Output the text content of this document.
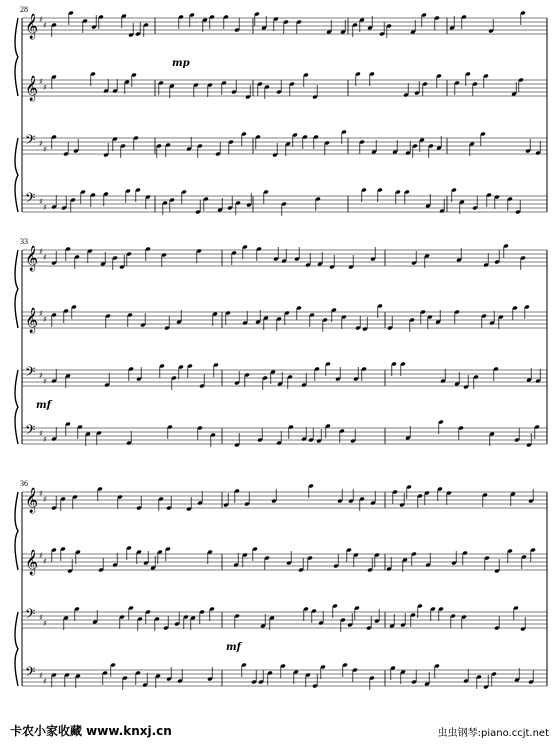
𝄞 ♯
♯
𝄞 ♯
♯
𝄢 ♯
♯
𝄢 ♯
♯
28
mp
𝄞 ♯
♯
𝄞 ♯
♯
𝄢 ♯
♯
𝄢 ♯
♯
33
mf
𝄞 ♯
♯
𝄞 ♯
♯
𝄢 ♯
♯
𝄢 ♯
♯
36
mf
卡农小家收藏 www.knxj.cn	虫虫钢琴:piano.ccjt.net
